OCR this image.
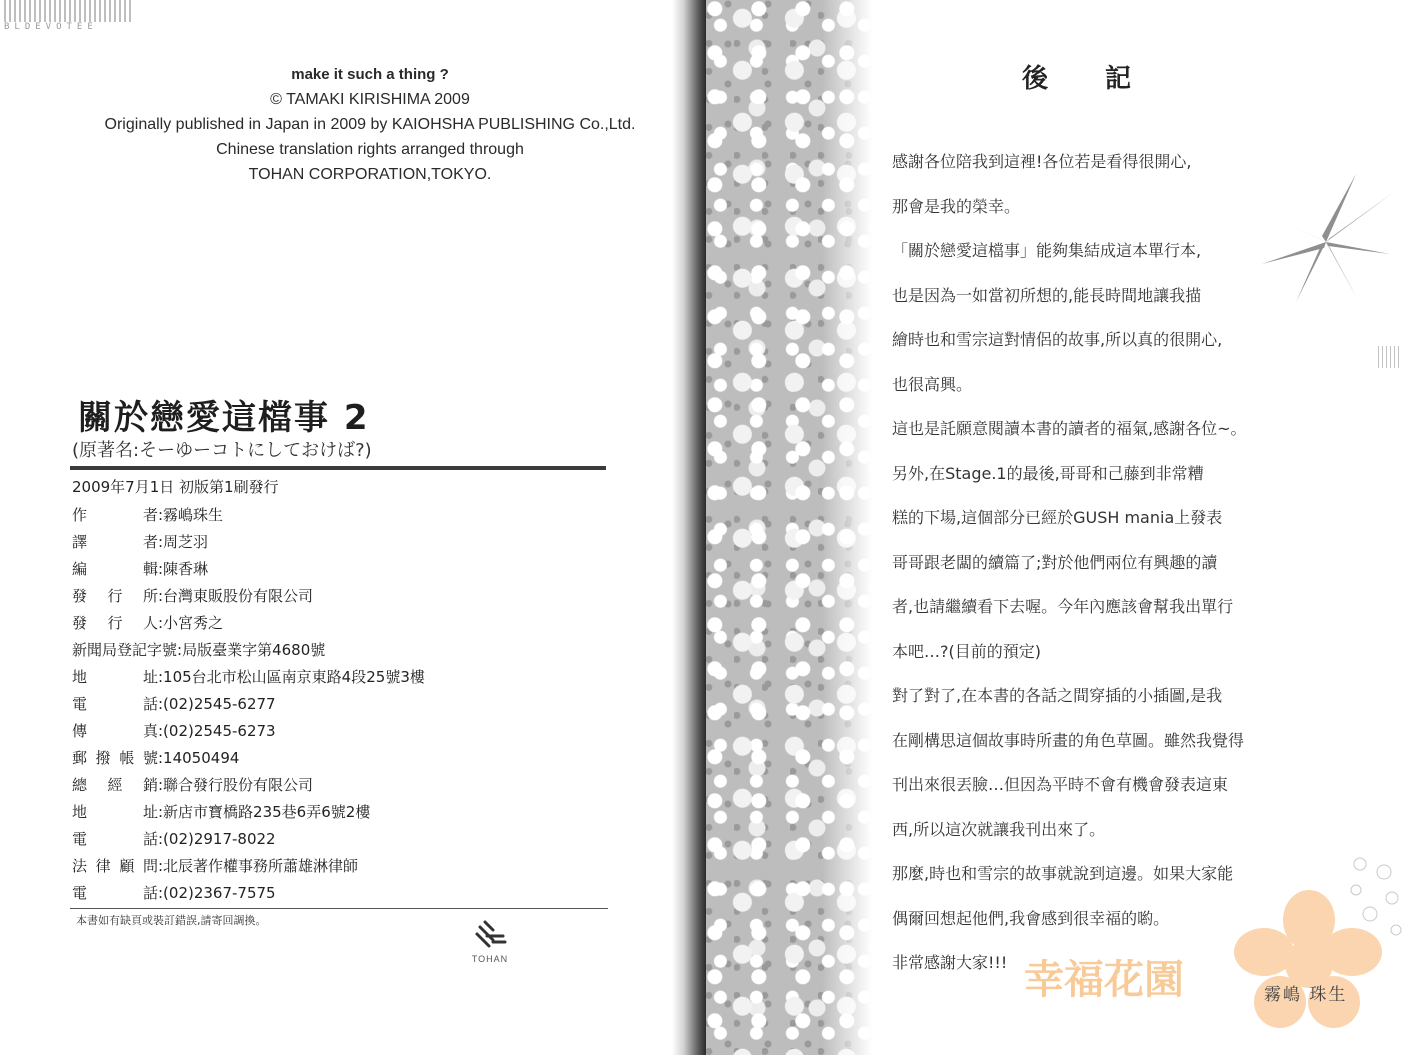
BLDEVOTEE
make it such a thing ?
© TAMAKI KIRISHIMA 2009
Originally published in Japan in 2009 by KAIOHSHA PUBLISHING Co.,Ltd.
Chinese translation rights arranged through
TOHAN CORPORATION,TOKYO.
關於戀愛這檔事 2
(原著名:そーゆーコトにしておけば?)
2009年7月1日 初版第1刷發行
作 者:霧嶋珠生
譯 者:周芝羽
編 輯:陳香琳
發 行 所:台灣東販股份有限公司
發 行 人:小宮秀之
新聞局登記字號:局版臺業字第4680號
地 址:105台北市松山區南京東路4段25號3樓
電 話:(02)2545-6277
傳 真:(02)2545-6273
郵撥帳號:14050494
總 經 銷:聯合發行股份有限公司
地 址:新店市寶橋路235巷6弄6號2樓
電 話:(02)2917-8022
法律顧問:北辰著作權事務所蕭雄淋律師
電 話:(02)2367-7575
本書如有缺頁或裝訂錯誤,請寄回調換。
TOHAN
後 記
感謝各位陪我到這裡!各位若是看得很開心,
那會是我的榮幸。
「關於戀愛這檔事」能夠集結成這本單行本,
也是因為一如當初所想的,能長時間地讓我描
繪時也和雪宗這對情侶的故事,所以真的很開心,
也很高興。
這也是託願意閱讀本書的讀者的福氣,感謝各位~。
另外,在Stage.1的最後,哥哥和己藤到非常糟
糕的下場,這個部分已經於GUSH mania上發表
哥哥跟老闆的續篇了;對於他們兩位有興趣的讀
者,也請繼續看下去喔。今年內應該會幫我出單行
本吧…?(目前的預定)
對了對了,在本書的各話之間穿插的小插圖,是我
在剛構思這個故事時所畫的角色草圖。雖然我覺得
刊出來很丟臉…但因為平時不會有機會發表這東
西,所以這次就讓我刊出來了。
那麼,時也和雪宗的故事就說到這邊。如果大家能
偶爾回想起他們,我會感到很幸福的喲。
非常感謝大家!!! 幸福花園	霧嶋 珠生
